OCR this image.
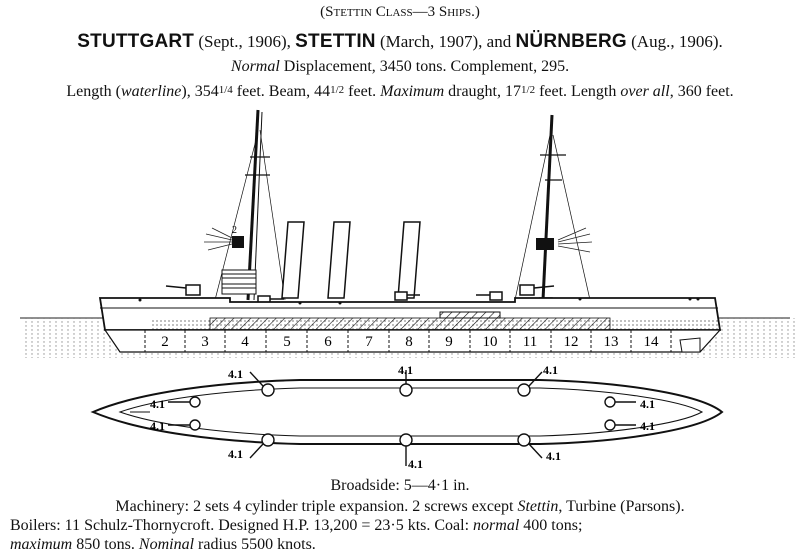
(Stettin Class—3 Ships.)
STUTTGART (Sept., 1906), STETTIN (March, 1907), and NÜRNBERG (Aug., 1906).
Normal Displacement, 3450 tons. Complement, 295.
Length (waterline), 3541/4 feet. Beam, 441/2 feet. Maximum draught, 171/2 feet. Length over all, 360 feet.
2
2 3 4 5 6 7 8 9 10 11 12 13 14
4.1
4.1
4.1
4.1
4.1
4.1
4.1
4.1
4.1
4.1
Broadside: 5—4·1 in.
Machinery: 2 sets 4 cylinder triple expansion. 2 screws except Stettin, Turbine (Parsons).
Boilers: 11 Schulz-Thornycroft. Designed H.P. 13,200 = 23·5 kts. Coal: normal 400 tons;
maximum 850 tons. Nominal radius 5500 knots.
